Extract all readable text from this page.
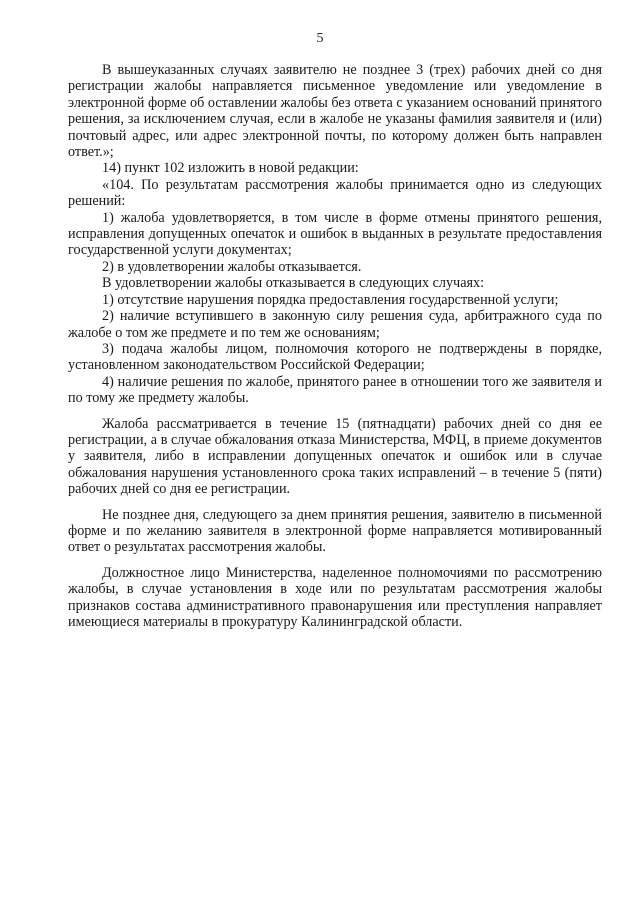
5

В вышеуказанных случаях заявителю не позднее 3 (трех) рабочих дней со дня регистрации жалобы направляется письменное уведомление или уведомление в электронной форме об оставлении жалобы без ответа с указанием оснований принятого решения, за исключением случая, если в жалобе не указаны фамилия заявителя и (или) почтовый адрес, или адрес электронной почты, по которому должен быть направлен ответ.»;

14) пункт 102 изложить в новой редакции:

«104. По результатам рассмотрения жалобы принимается одно из следующих решений:

1) жалоба удовлетворяется, в том числе в форме отмены принятого решения, исправления допущенных опечаток и ошибок в выданных в результате предоставления государственной услуги документах;

2) в удовлетворении жалобы отказывается.

В удовлетворении жалобы отказывается в следующих случаях:

1) отсутствие нарушения порядка предоставления государственной услуги;

2) наличие вступившего в законную силу решения суда, арбитражного суда по жалобе о том же предмете и по тем же основаниям;

3) подача жалобы лицом, полномочия которого не подтверждены в порядке, установленном законодательством Российской Федерации;

4) наличие решения по жалобе, принятого ранее в отношении того же заявителя и по тому же предмету жалобы.

Жалоба рассматривается в течение 15 (пятнадцати) рабочих дней со дня ее регистрации, а в случае обжалования отказа Министерства, МФЦ, в приеме документов у заявителя, либо в исправлении допущенных опечаток и ошибок или в случае обжалования нарушения установленного срока таких исправлений – в течение 5 (пяти) рабочих дней со дня ее регистрации.

Не позднее дня, следующего за днем принятия решения, заявителю в письменной форме и по желанию заявителя в электронной форме направляется мотивированный ответ о результатах рассмотрения жалобы.

Должностное лицо Министерства, наделенное полномочиями по рассмотрению жалобы, в случае установления в ходе или по результатам рассмотрения жалобы признаков состава административного правонарушения или преступления направляет имеющиеся материалы в прокуратуру Калининградской области.
